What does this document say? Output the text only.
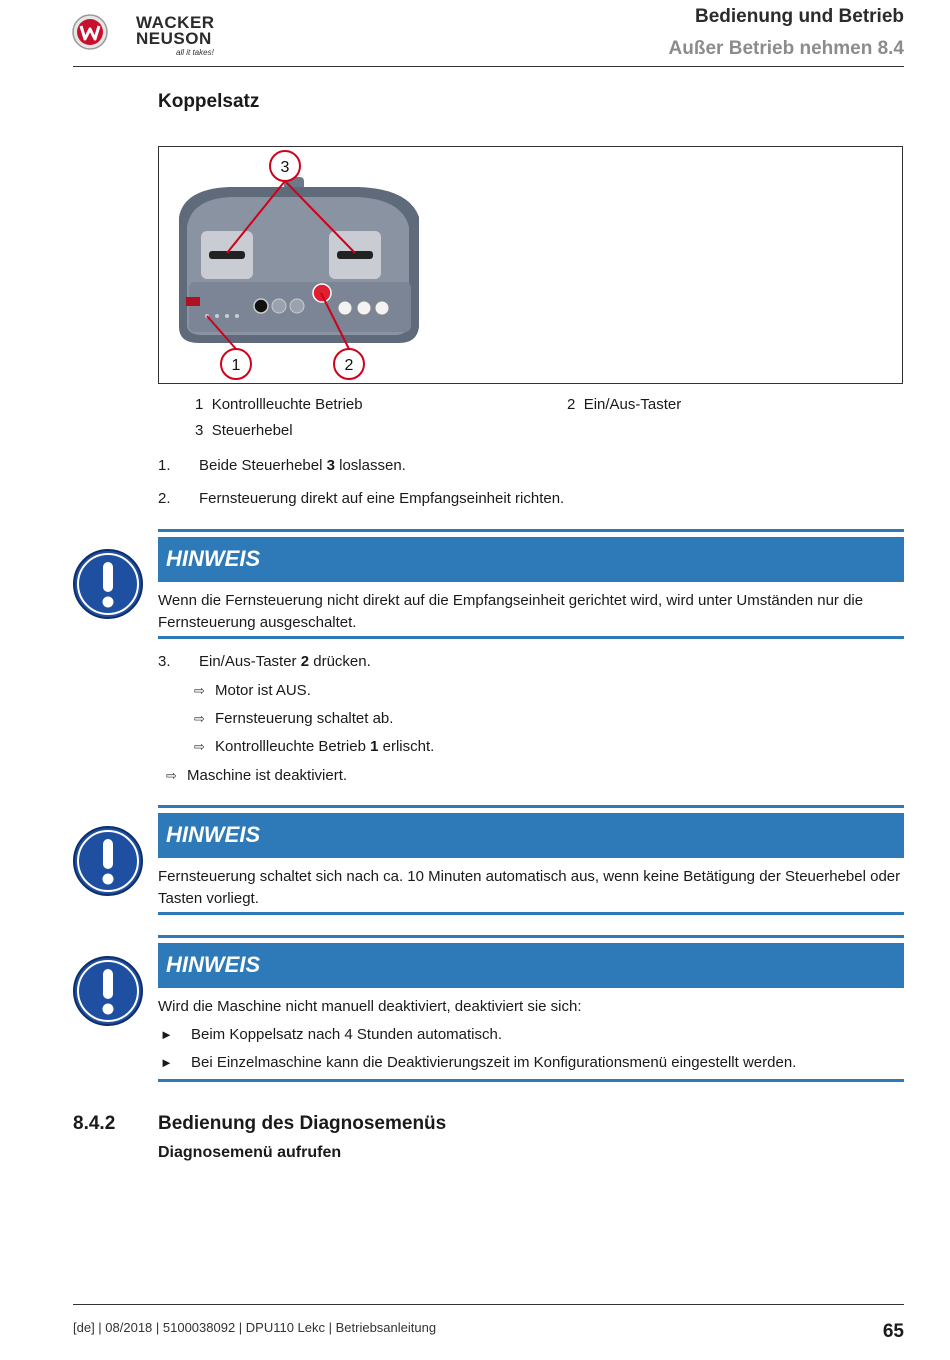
WACKER
NEUSON
all it takes!
Bedienung und Betrieb
Außer Betrieb nehmen 8.4
Koppelsatz
3
1	2
1 Kontrollleuchte Betrieb	2 Ein/Aus-Taster
3 Steuerhebel
1. Beide Steuerhebel 3 loslassen.
2. Fernsteuerung direkt auf eine Empfangseinheit richten.
HINWEIS
Wenn die Fernsteuerung nicht direkt auf die Empfangseinheit gerichtet wird, wird unter Umständen nur die Fernsteuerung ausgeschaltet.
3. Ein/Aus-Taster 2 drücken.
⇨ Motor ist AUS.
⇨ Fernsteuerung schaltet ab.
⇨ Kontrollleuchte Betrieb 1 erlischt.
⇨ Maschine ist deaktiviert.
HINWEIS
Fernsteuerung schaltet sich nach ca. 10 Minuten automatisch aus, wenn keine Betätigung der Steuerhebel oder Tasten vorliegt.
HINWEIS
Wird die Maschine nicht manuell deaktiviert, deaktiviert sie sich:
► Beim Koppelsatz nach 4 Stunden automatisch.
► Bei Einzelmaschine kann die Deaktivierungszeit im Konfigurationsmenü eingestellt werden.
8.4.2 Bedienung des Diagnosemenüs
Diagnosemenü aufrufen
[de] | 08/2018 | 5100038092 | DPU110 Lekc | Betriebsanleitung	65
